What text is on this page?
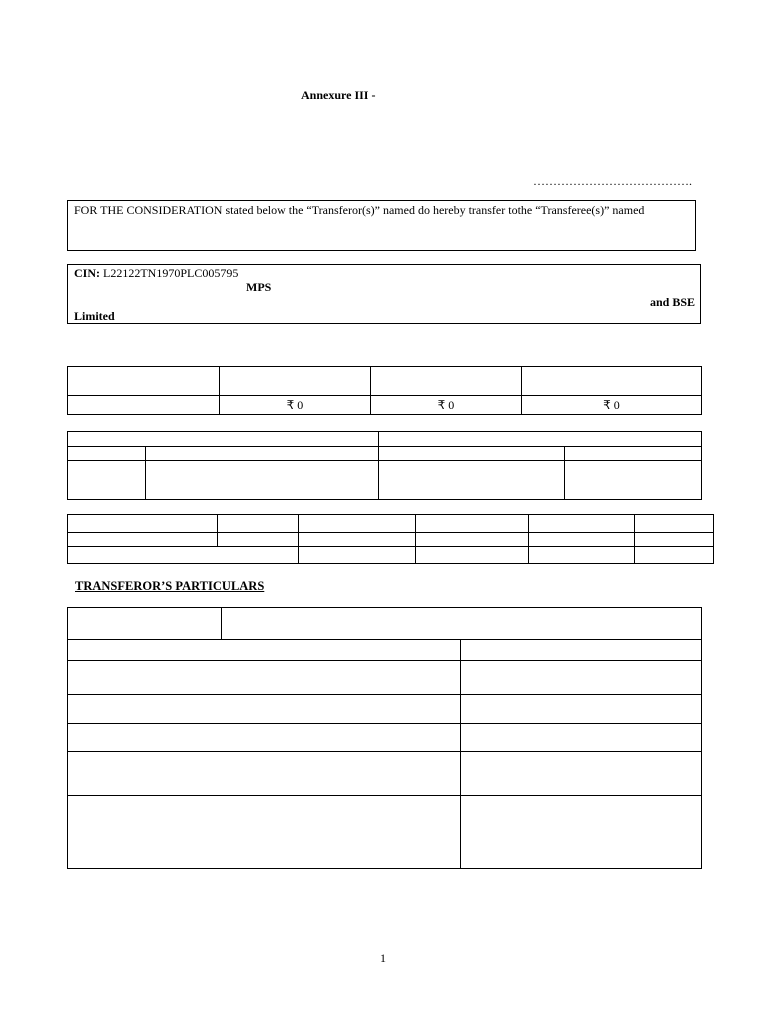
Annexure III -
………………………………….
FOR THE CONSIDERATION stated below the “Transferor(s)” named do hereby transfer tothe “Transferee(s)” named
CIN: L22122TN1970PLC005795
MPS
and BSE
Limited

	₹ 0	₹ 0	₹ 0

TRANSFEROR’S PARTICULARS

1
